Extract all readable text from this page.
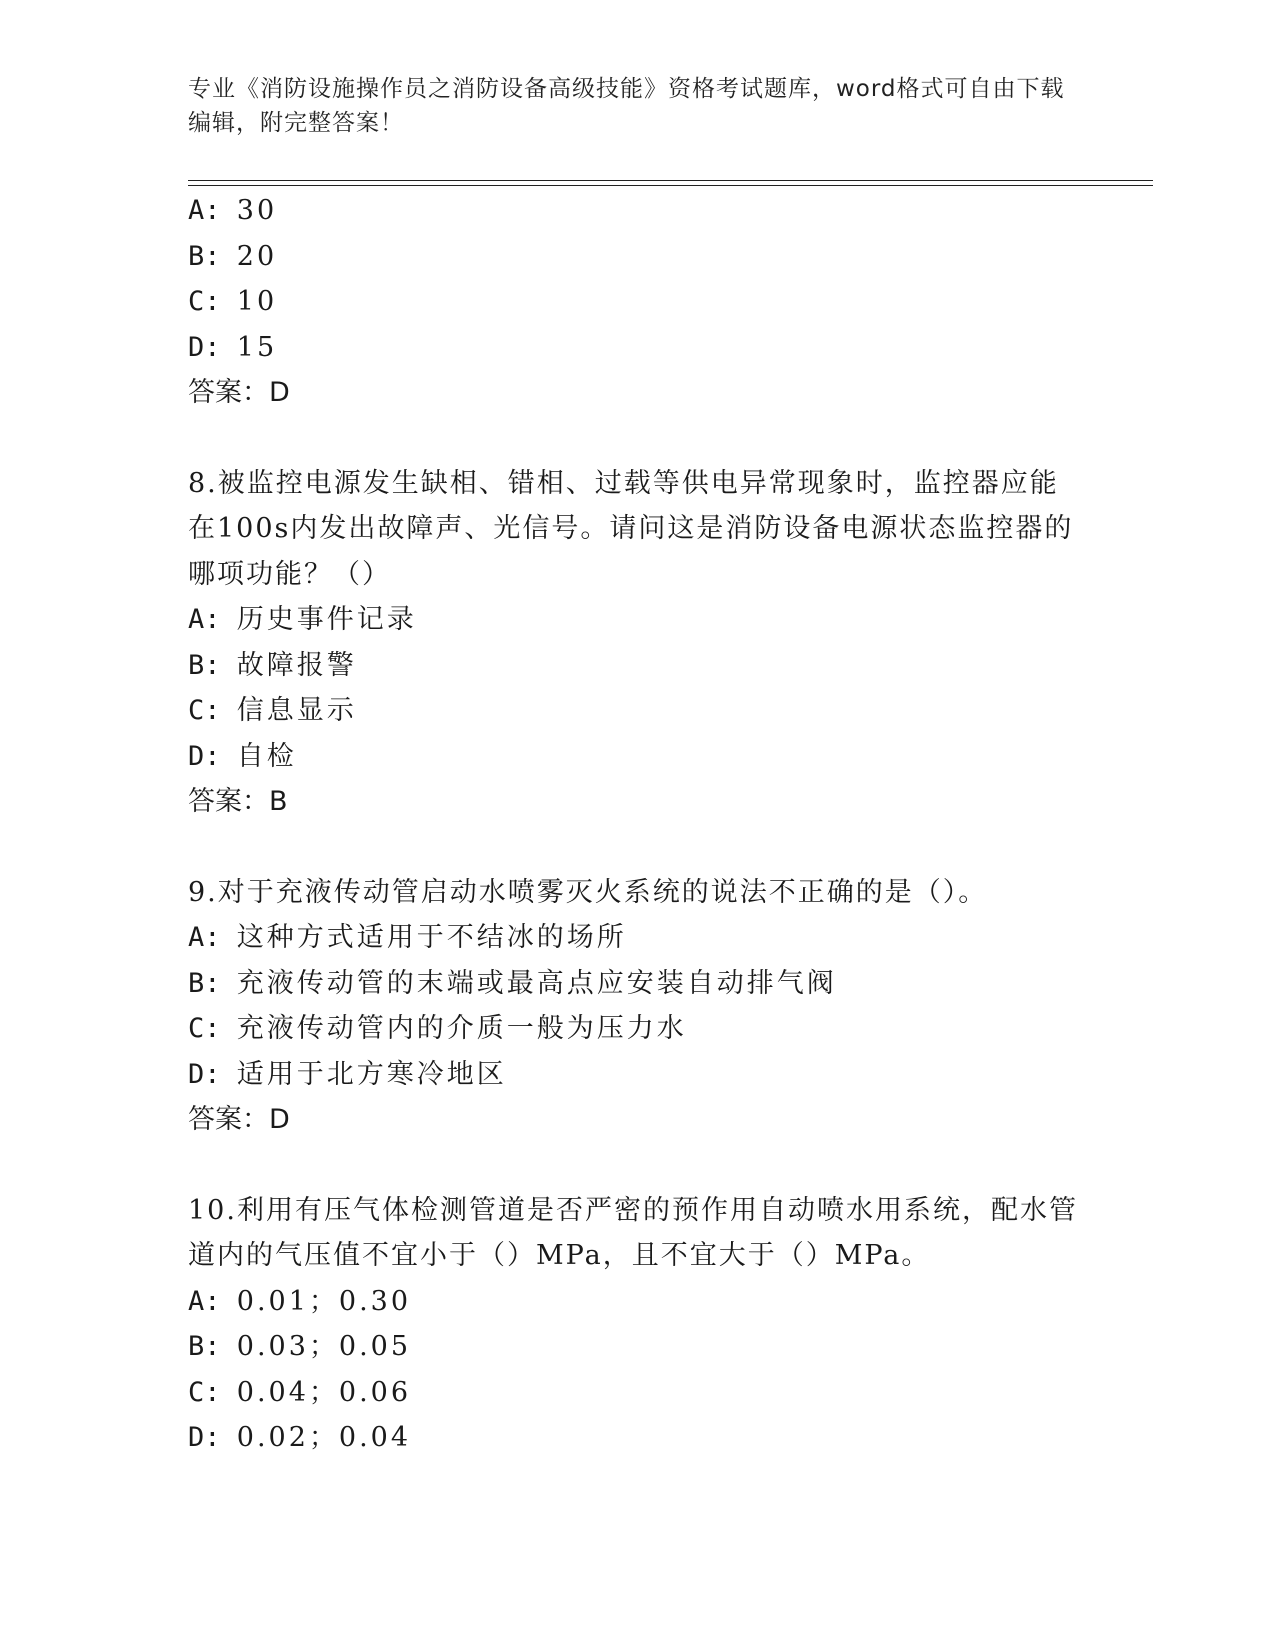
专业《消防设施操作员之消防设备高级技能》资格考试题库，word格式可自由下载编辑，附完整答案！
A: 30
B: 20
C: 10
D: 15
答案：D
8.被监控电源发生缺相、错相、过载等供电异常现象时，监控器应能
在100s内发出故障声、光信号。请问这是消防设备电源状态监控器的
哪项功能？（）
A: 历史事件记录
B: 故障报警
C: 信息显示
D: 自检
答案：B
9.对于充液传动管启动水喷雾灭火系统的说法不正确的是（）。
A: 这种方式适用于不结冰的场所
B: 充液传动管的末端或最高点应安装自动排气阀
C: 充液传动管内的介质一般为压力水
D: 适用于北方寒冷地区
答案：D
10.利用有压气体检测管道是否严密的预作用自动喷水用系统，配水管
道内的气压值不宜小于（）MPa，且不宜大于（）MPa。
A: 0.01；0.30
B: 0.03；0.05
C: 0.04；0.06
D: 0.02；0.04
